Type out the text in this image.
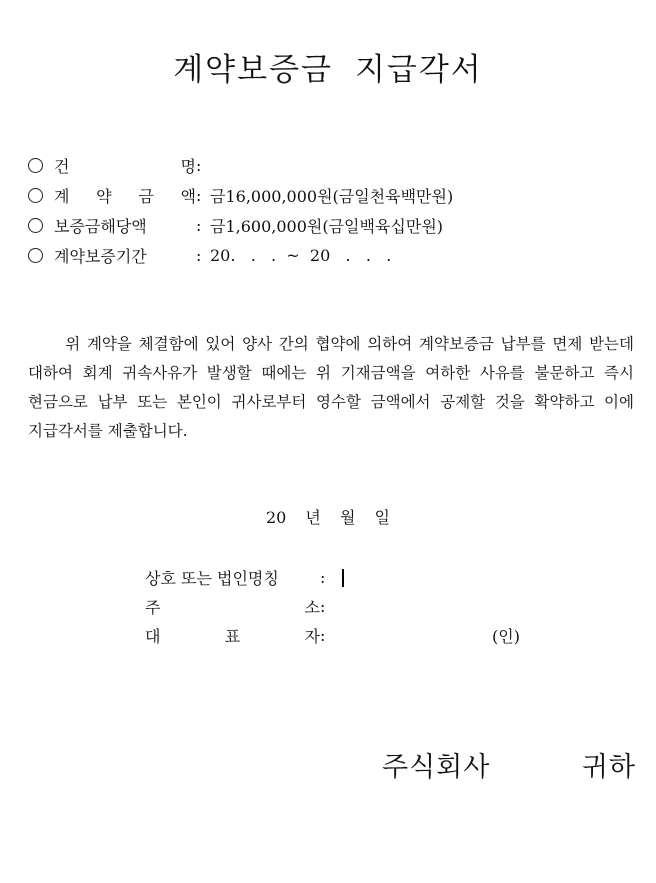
계약보증금 지급각서
건	명 :
계 약 금 액 : 금16,000,000원(금일천육백만원)
보증금해당액	: 금1,600,000원(금일백육십만원)
계약보증기간	: 20.   .   .  ~  20   .   .   .
위 계약을 체결함에 있어 양사 간의 협약에 의하여 계약보증금 납부를 면제 받는데 대하여 회계 귀속사유가 발생할 때에는 위 기재금액을 여하한 사유를 불문하고 즉시 현금으로 납부 또는 본인이 귀사로부터 영수할 금액에서 공제할 것을 확약하고 이에 지급각서를 제출합니다.
20 년 월 일
상호 또는 법인명칭	:
주	소 :
대	표	자 :	(인)
주식회사	귀하
